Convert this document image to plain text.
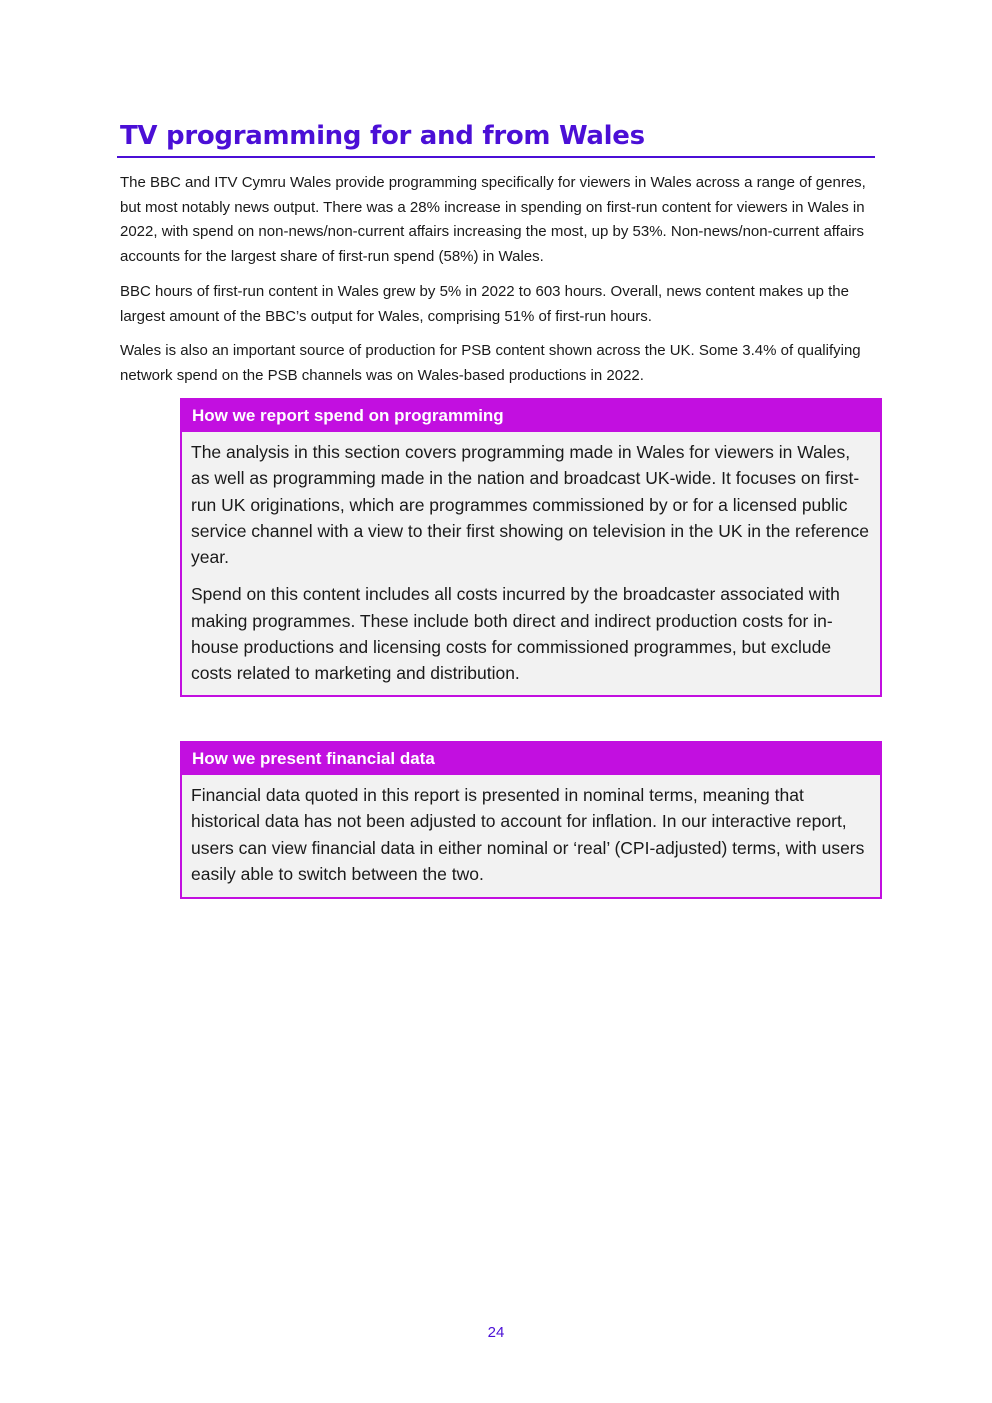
TV programming for and from Wales

The BBC and ITV Cymru Wales provide programming specifically for viewers in Wales across a range of genres, but most notably news output. There was a 28% increase in spending on first-run content for viewers in Wales in 2022, with spend on non-news/non-current affairs increasing the most, up by 53%. Non-news/non-current affairs accounts for the largest share of first-run spend (58%) in Wales.

BBC hours of first-run content in Wales grew by 5% in 2022 to 603 hours. Overall, news content makes up the largest amount of the BBC’s output for Wales, comprising 51% of first-run hours.

Wales is also an important source of production for PSB content shown across the UK. Some 3.4% of qualifying network spend on the PSB channels was on Wales-based productions in 2022.

How we report spend on programming

The analysis in this section covers programming made in Wales for viewers in Wales, as well as programming made in the nation and broadcast UK-wide. It focuses on first-run UK originations, which are programmes commissioned by or for a licensed public service channel with a view to their first showing on television in the UK in the reference year.

Spend on this content includes all costs incurred by the broadcaster associated with making programmes. These include both direct and indirect production costs for in-house productions and licensing costs for commissioned programmes, but exclude costs related to marketing and distribution.

How we present financial data

Financial data quoted in this report is presented in nominal terms, meaning that historical data has not been adjusted to account for inflation. In our interactive report, users can view financial data in either nominal or ‘real’ (CPI-adjusted) terms, with users easily able to switch between the two.

24
